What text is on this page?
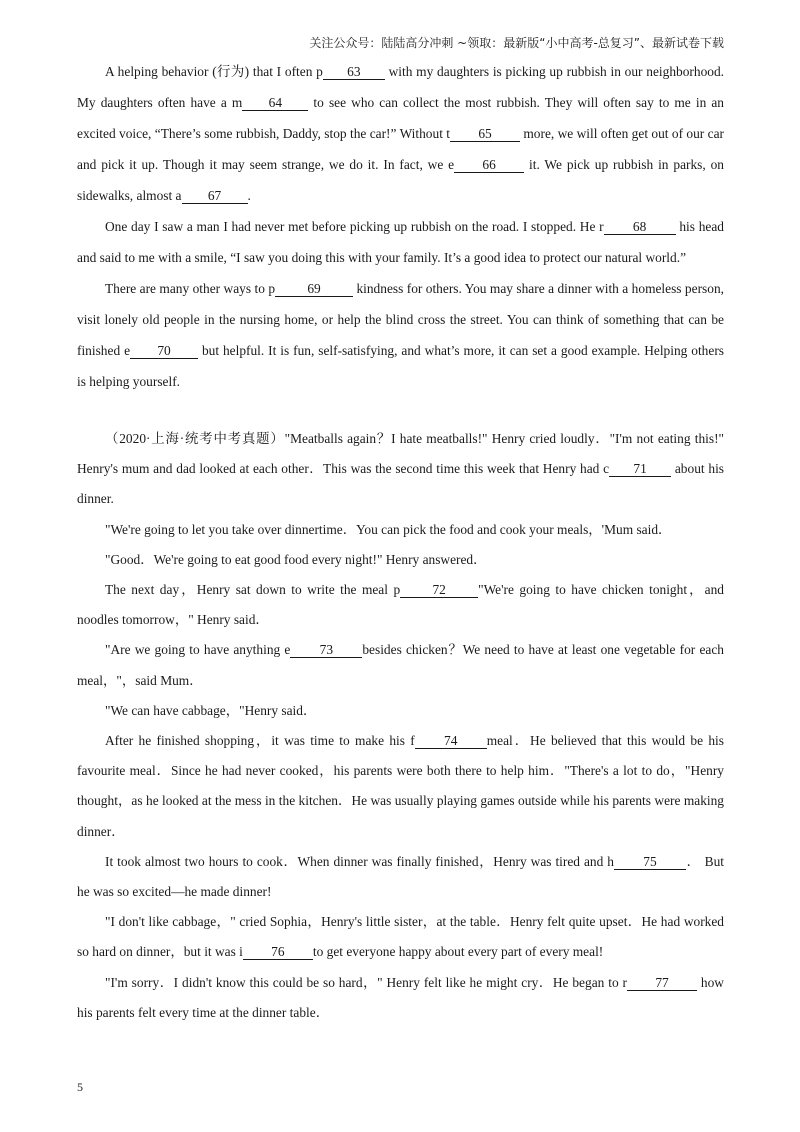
关注公众号：陆陆高分冲刺 ~领取：最新版“小中高考-总复习”、最新试卷下载
A helping behavior (行为) that I often p 63 with my daughters is picking up rubbish in our neighborhood. My daughters often have a m 64 to see who can collect the most rubbish. They will often say to me in an excited voice, “There’s some rubbish, Daddy, stop the car!” Without t 65 more, we will often get out of our car and pick it up. Though it may seem strange, we do it. In fact, we e 66 it. We pick up rubbish in parks, on sidewalks, almost a 67 .
One day I saw a man I had never met before picking up rubbish on the road. I stopped. He r 68 his head and said to me with a smile, “I saw you doing this with your family. It’s a good idea to protect our natural world.”
There are many other ways to p 69 kindness for others. You may share a dinner with a homeless person, visit lonely old people in the nursing home, or help the blind cross the street. You can think of something that can be finished e 70 but helpful. It is fun, self-satisfying, and what’s more, it can set a good example. Helping others is helping yourself.
（2020·上海·统考中考真题）"Meatballs again？I hate meatballs!" Henry cried loudly．"I'm not eating this!" Henry's mum and dad looked at each other．This was the second time this week that Henry had c 71 about his dinner.
"We're going to let you take over dinnertime．You can pick the food and cook your meals，'Mum said．
"Good．We're going to eat good food every night!" Henry answered．
The next day，Henry sat down to write the meal p 72 "We're going to have chicken tonight，and noodles tomorrow，" Henry said．
"Are we going to have anything e 73 besides chicken？We need to have at least one vegetable for each meal，"，said Mum．
"We can have cabbage，"Henry said．
After he finished shopping，it was time to make his f 74 meal．He believed that this would be his favourite meal．Since he had never cooked，his parents were both there to help him．"There's a lot to do，"Henry thought，as he looked at the mess in the kitchen．He was usually playing games outside while his parents were making dinner．
It took almost two hours to cook．When dinner was finally finished，Henry was tired and h 75 ． But he was so excited—he made dinner!
"I don't like cabbage，" cried Sophia，Henry's little sister，at the table．Henry felt quite upset．He had worked so hard on dinner，but it was i 76 to get everyone happy about every part of every meal!
"I'm sorry．I didn't know this could be so hard，" Henry felt like he might cry．He began to r 77 how his parents felt every time at the dinner table．
5
